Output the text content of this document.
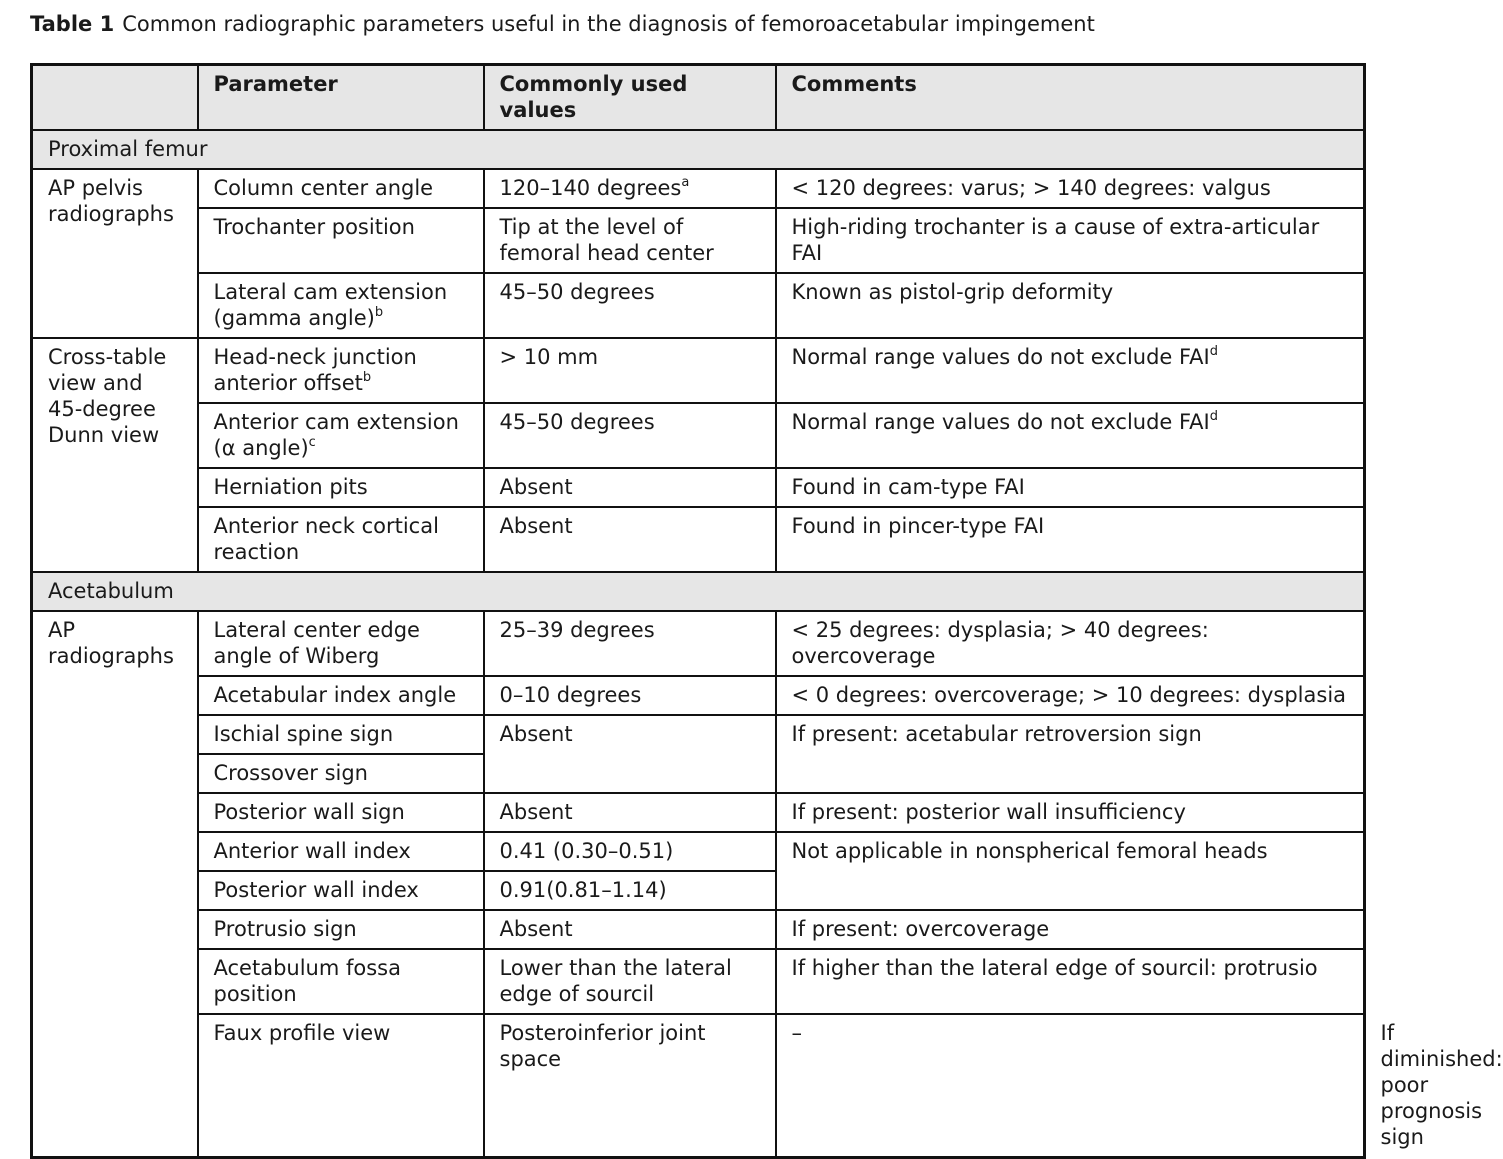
Table 1 Common radiographic parameters useful in the diagnosis of femoroacetabular impingement
	Parameter	Commonly used values	Comments	
Proximal femur				
AP pelvis radiographs	Column center angle	120–140 degrees$^a$	< 120 degrees: varus; > 140 degrees: valgus	
	Trochanter position	Tip at the level of femoral head center	High-riding trochanter is a cause of extra-articular FAI	
	Lateral cam extension (gamma angle)$^b$	45–50 degrees	Known as pistol-grip deformity	
Cross-table view and 45-degree Dunn view	Head-neck junction anterior offset$^b$	> 10 mm	Normal range values do not exclude FAI$^d$
	Anterior cam extension (α angle)$^c$	45–50 degrees	Normal range values do not exclude FAI$^d$
	Herniation pits	Absent	Found in cam-type FAI	
	Anterior neck cortical reaction	Absent	Found in pincer-type FAI	
Acetabulum				
AP radiographs	Lateral center edge angle of Wiberg	25–39 degrees	< 25 degrees: dysplasia; > 40 degrees: overcoverage	
	Acetabular index angle	0–10 degrees	< 0 degrees: overcoverage; > 10 degrees: dysplasia	
	Ischial spine sign	Absent	If present: acetabular retroversion sign	
	Crossover sign			
	Posterior wall sign	Absent	If present: posterior wall insufficiency	
	Anterior wall index	0.41 (0.30–0.51)	Not applicable in nonspherical femoral heads	
	Posterior wall index	0.91(0.81–1.14)		
	Protrusio sign	Absent	If present: overcoverage	
	Acetabulum fossa position	Lower than the lateral edge of sourcil	If higher than the lateral edge of sourcil: protrusio	
	Faux profile view	Posteroinferior joint space	–	If diminished: poor prognosis sign
